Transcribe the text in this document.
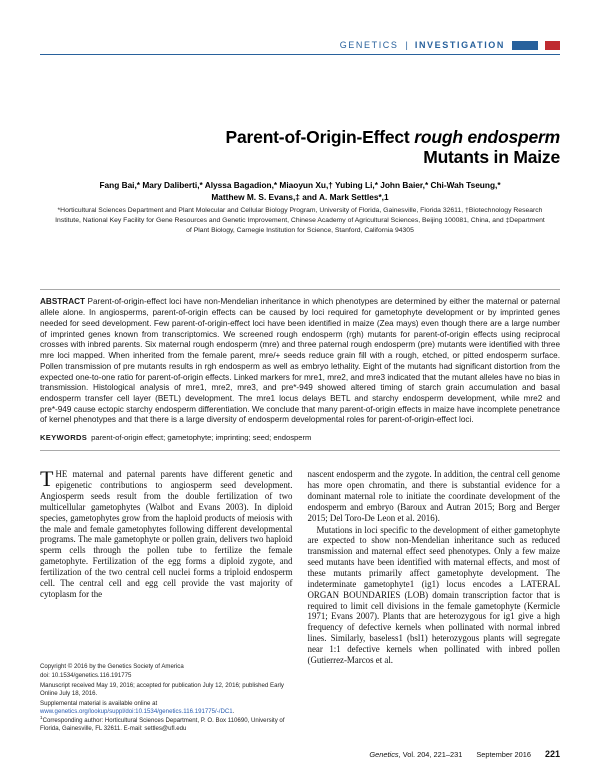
GENETICS | INVESTIGATION
Parent-of-Origin-Effect rough endosperm
Mutants in Maize
Fang Bai,* Mary Daliberti,* Alyssa Bagadion,* Miaoyun Xu,† Yubing Li,* John Baier,* Chi-Wah Tseung,*
Matthew M. S. Evans,‡ and A. Mark Settles*,1
*Horticultural Sciences Department and Plant Molecular and Cellular Biology Program, University of Florida, Gainesville, Florida 32611, †Biotechnology Research Institute, National Key Facility for Gene Resources and Genetic Improvement, Chinese Academy of Agricultural Sciences, Beijing 100081, China, and ‡Department of Plant Biology, Carnegie Institution for Science, Stanford, California 94305

ABSTRACT Parent-of-origin-effect loci have non-Mendelian inheritance in which phenotypes are determined by either the maternal or paternal allele alone. In angiosperms, parent-of-origin effects can be caused by loci required for gametophyte development or by imprinted genes needed for seed development. Few parent-of-origin-effect loci have been identified in maize (Zea mays) even though there are a large number of imprinted genes known from transcriptomics. We screened rough endosperm (rgh) mutants for parent-of-origin effects using reciprocal crosses with inbred parents. Six maternal rough endosperm (mre) and three paternal rough endosperm (pre) mutants were identified with three mre loci mapped. When inherited from the female parent, mre/+ seeds reduce grain fill with a rough, etched, or pitted endosperm surface. Pollen transmission of pre mutants results in rgh endosperm as well as embryo lethality. Eight of the mutants had significant distortion from the expected one-to-one ratio for parent-of-origin effects. Linked markers for mre1, mre2, and mre3 indicated that the mutant alleles have no bias in transmission. Histological analysis of mre1, mre2, mre3, and pre*-949 showed altered timing of starch grain accumulation and basal endosperm transfer cell layer (BETL) development. The mre1 locus delays BETL and starchy endosperm development, while mre2 and pre*-949 cause ectopic starchy endosperm differentiation. We conclude that many parent-of-origin effects in maize have incomplete penetrance of kernel phenotypes and that there is a large diversity of endosperm developmental roles for parent-of-origin-effect loci.

KEYWORDS parent-of-origin effect; gametophyte; imprinting; seed; endosperm

THE maternal and paternal parents have different genetic and epigenetic contributions to angiosperm seed development. Angiosperm seeds result from the double fertilization of two multicellular gametophytes (Walbot and Evans 2003). In diploid species, gametophytes grow from the haploid products of meiosis with the male and female gametophytes following different developmental programs. The male gametophyte or pollen grain, delivers two haploid sperm cells through the pollen tube to fertilize the female gametophyte. Fertilization of the egg forms a diploid zygote, and fertilization of the two central cell nuclei forms a triploid endosperm cell. The central cell and egg cell provide the vast majority of cytoplasm for the

nascent endosperm and the zygote. In addition, the central cell genome has more open chromatin, and there is substantial evidence for a dominant maternal role to initiate the coordinate development of the endosperm and embryo (Baroux and Autran 2015; Borg and Berger 2015; Del Toro-De Leon et al. 2016).

Mutations in loci specific to the development of either gametophyte are expected to show non-Mendelian inheritance such as reduced transmission and maternal effect seed phenotypes. Only a few maize seed mutants have been identified with maternal effects, and most of these mutants primarily affect gametophyte development. The indeterminate gametophyte1 (ig1) locus encodes a LATERAL ORGAN BOUNDARIES (LOB) domain transcription factor that is required to limit cell divisions in the female gametophyte (Kermicle 1971; Evans 2007). Plants that are heterozygous for ig1 give a high frequency of defective kernels when pollinated with normal inbred lines. Similarly, baseless1 (bsl1) heterozygous plants will segregate near 1:1 defective kernels when pollinated with inbred pollen (Gutierrez-Marcos et al.

Copyright © 2016 by the Genetics Society of America

doi: 10.1534/genetics.116.191775

Manuscript received May 19, 2016; accepted for publication July 12, 2016; published Early Online July 18, 2016.

Supplemental material is available online at www.genetics.org/lookup/suppl/doi:10.1534/genetics.116.191775/-/DC1.

$^1$Corresponding author: Horticultural Sciences Department, P. O. Box 110690, University of Florida, Gainesville, FL 32611. E-mail: settles@ufl.edu

Genetics, Vol. 204, 221–231 September 2016 221
